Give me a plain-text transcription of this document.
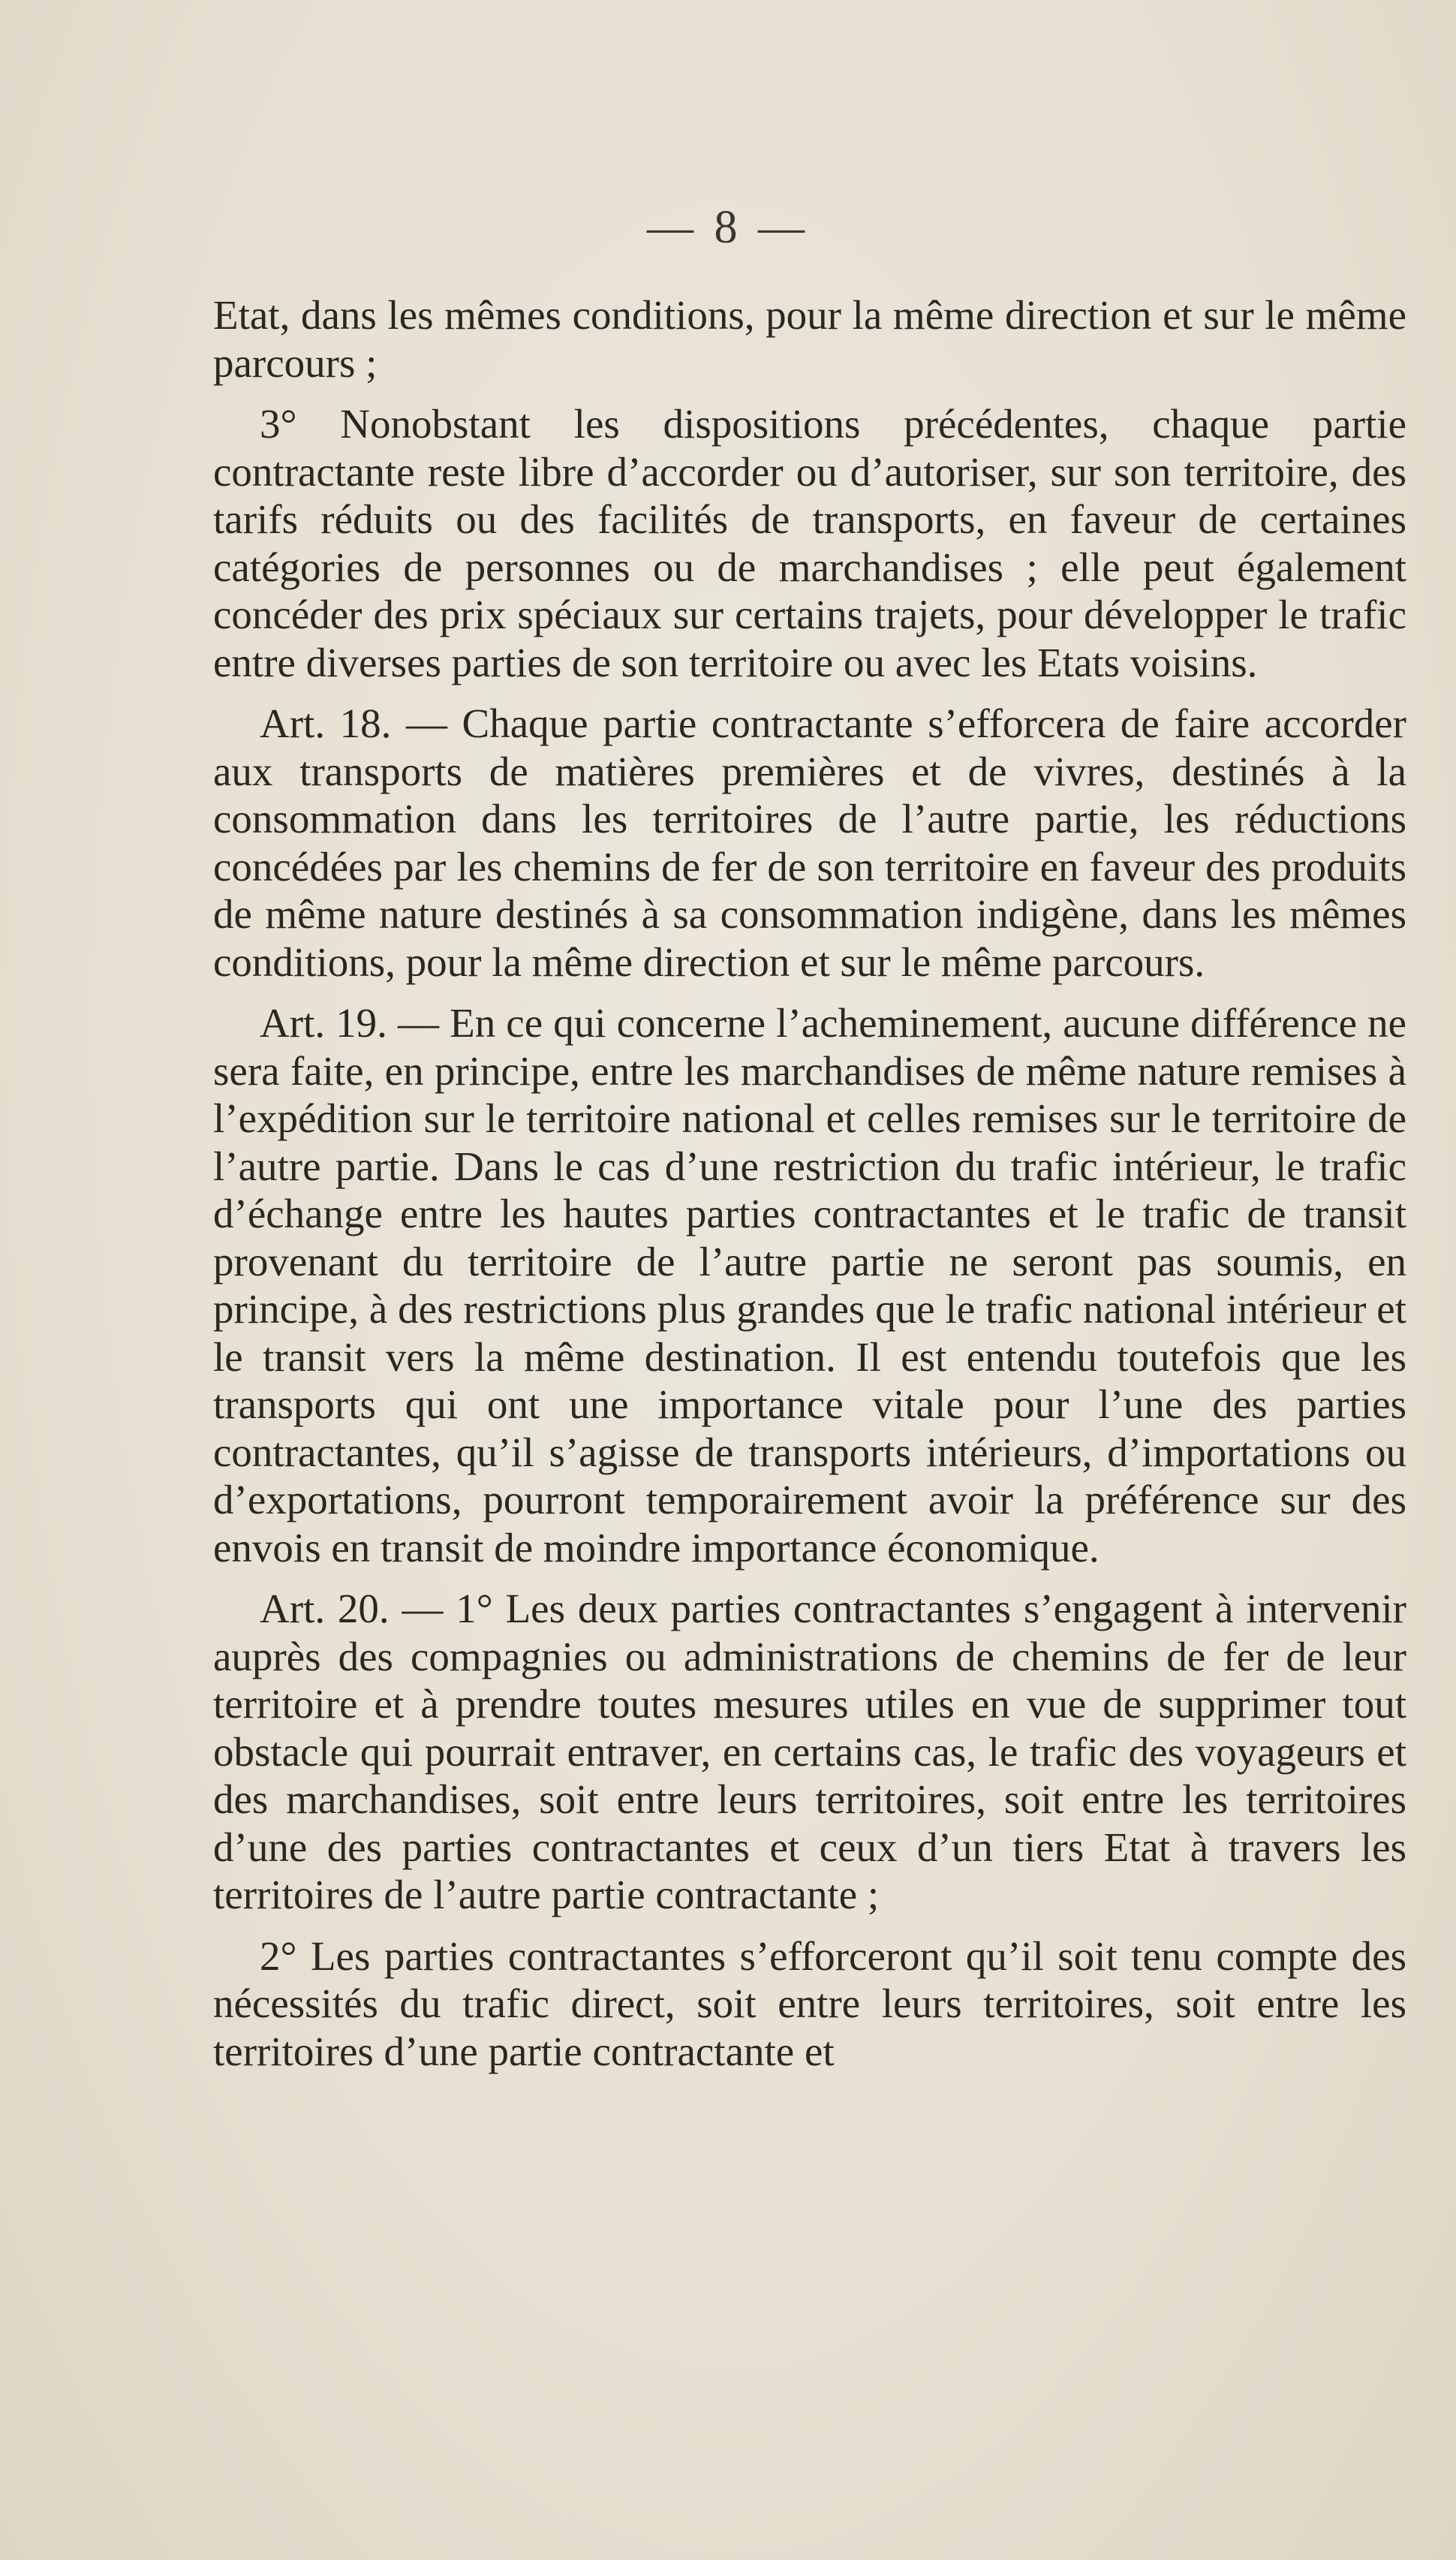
— 8 —

Etat, dans les mêmes conditions, pour la même direction et sur le même parcours ;

3° Nonobstant les dispositions précédentes, chaque partie contractante reste libre d’accorder ou d’autoriser, sur son territoire, des tarifs réduits ou des facilités de transports, en faveur de certaines catégories de personnes ou de marchandises ; elle peut également concéder des prix spéciaux sur certains trajets, pour développer le trafic entre diverses parties de son territoire ou avec les Etats voisins.

Art. 18. — Chaque partie contractante s’efforcera de faire accorder aux transports de matières premières et de vivres, destinés à la consommation dans les territoires de l’autre partie, les réductions concédées par les chemins de fer de son territoire en faveur des produits de même nature destinés à sa consommation indigène, dans les mêmes conditions, pour la même direction et sur le même parcours.

Art. 19. — En ce qui concerne l’acheminement, aucune différence ne sera faite, en principe, entre les marchandises de même nature remises à l’expédition sur le territoire national et celles remises sur le territoire de l’autre partie. Dans le cas d’une restriction du trafic intérieur, le trafic d’échange entre les hautes parties contractantes et le trafic de transit provenant du territoire de l’autre partie ne seront pas soumis, en principe, à des restrictions plus grandes que le trafic national intérieur et le transit vers la même destination. Il est entendu toutefois que les transports qui ont une importance vitale pour l’une des parties contractantes, qu’il s’agisse de transports intérieurs, d’importations ou d’exportations, pourront temporairement avoir la préférence sur des envois en transit de moindre importance économique.

Art. 20. — 1° Les deux parties contractantes s’engagent à intervenir auprès des compagnies ou administrations de chemins de fer de leur territoire et à prendre toutes mesures utiles en vue de supprimer tout obstacle qui pourrait entraver, en certains cas, le trafic des voyageurs et des marchandises, soit entre leurs territoires, soit entre les territoires d’une des parties contractantes et ceux d’un tiers Etat à travers les territoires de l’autre partie contractante ;

2° Les parties contractantes s’efforceront qu’il soit tenu compte des nécessités du trafic direct, soit entre leurs territoires, soit entre les territoires d’une partie contractante et
